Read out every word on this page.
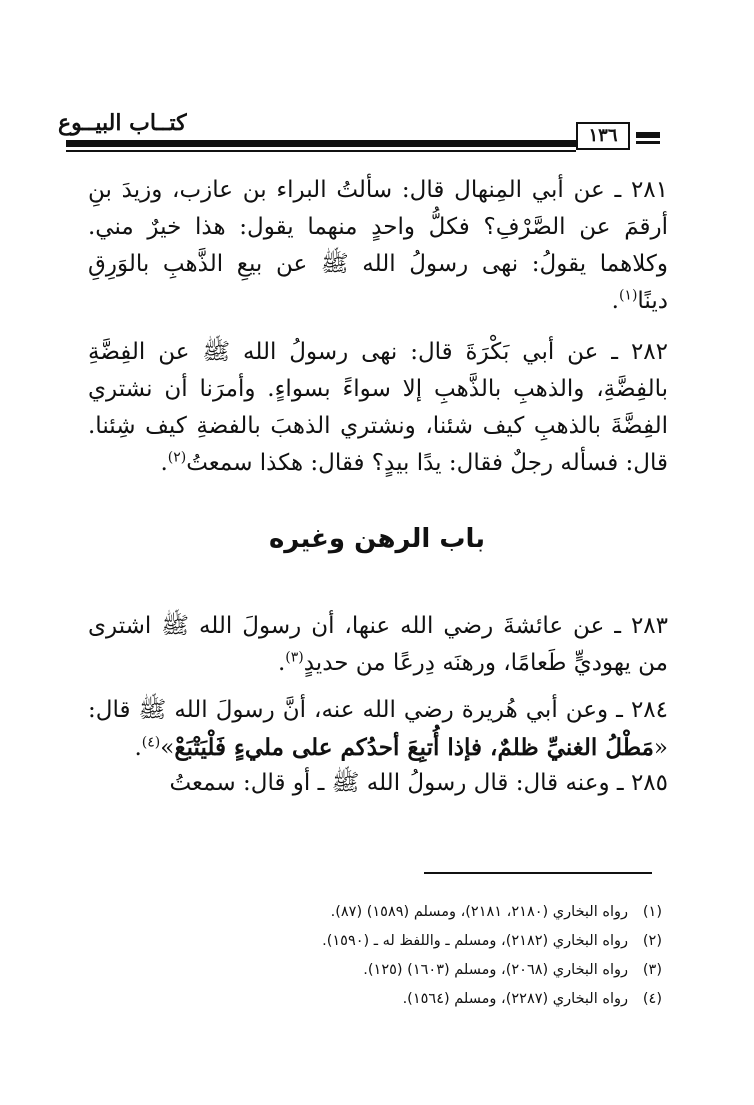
كتــاب البيــوع	١٣٦

٢٨١ ـ عن أبي المِنهال قال: سألتُ البراء بن عازب، وزيدَ بنِ أرقمَ عن الصَّرْفِ؟ فكلُّ واحدٍ منهما يقول: هذا خيرٌ مني. وكلاهما يقولُ: نهى رسولُ الله ﷺ عن بيعِ الذَّهبِ بالوَرِقِ دينًا$^{(١)}$.

٢٨٢ ـ عن أبي بَكْرَةَ قال: نهى رسولُ الله ﷺ عن الفِضَّةِ بالفِضَّةِ، والذهبِ بالذَّهبِ إلا سواءً بسواءٍ. وأمرَنا أن نشتري الفِضَّةَ بالذهبِ كيف شئنا، ونشتري الذهبَ بالفضةِ كيف شِئنا. قال: فسأله رجلٌ فقال: يدًا بيدٍ؟ فقال: هكذا سمعتُ$^{(٢)}$.

باب الرهن وغيره

٢٨٣ ـ عن عائشةَ رضي الله عنها، أن رسولَ الله ﷺ اشترى من يهوديٍّ طَعامًا، ورهنَه دِرعًا من حديدٍ$^{(٣)}$.

٢٨٤ ـ وعن أبي هُريرة رضي الله عنه، أنَّ رسولَ الله ﷺ قال: «مَطْلُ الغنيِّ ظلمٌ، فإذا أُتبِعَ أحدُكم على مليءٍ فَلْيَتْبَعْ»$^{(٤)}$.

٢٨٥ ـ وعنه قال: قال رسولُ الله ﷺ ـ أو قال: سمعتُ

(١)
رواه البخاري (٢١٨٠، ٢١٨١)، ومسلم (١٥٨٩) (٨٧).
(٢)
رواه البخاري (٢١٨٢)، ومسلم ـ واللفظ له ـ (١٥٩٠).
(٣)
رواه البخاري (٢٠٦٨)، ومسلم (١٦٠٣) (١٢٥).
(٤)
رواه البخاري (٢٢٨٧)، ومسلم (١٥٦٤).
